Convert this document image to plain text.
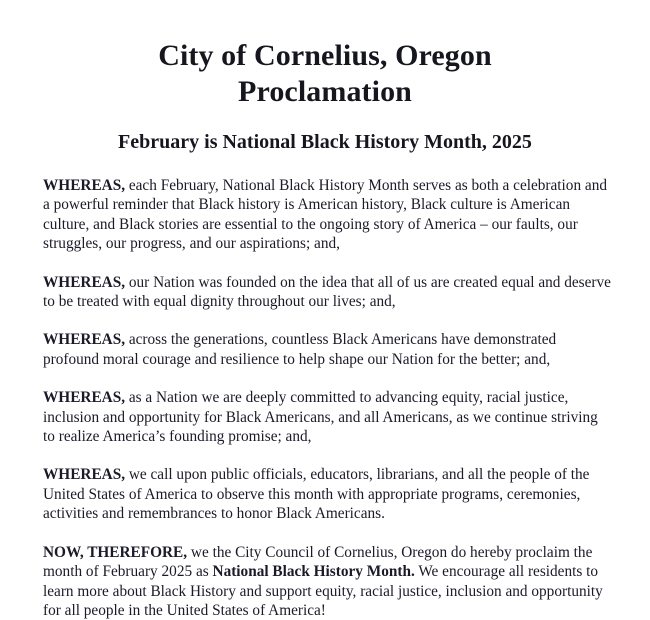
City of Cornelius, Oregon
Proclamation
February is National Black History Month, 2025

WHEREAS, each February, National Black History Month serves as both a celebration and a powerful reminder that Black history is American history, Black culture is American culture, and Black stories are essential to the ongoing story of America – our faults, our struggles, our progress, and our aspirations; and,

WHEREAS, our Nation was founded on the idea that all of us are created equal and deserve to be treated with equal dignity throughout our lives; and,

WHEREAS, across the generations, countless Black Americans have demonstrated profound moral courage and resilience to help shape our Nation for the better; and,

WHEREAS, as a Nation we are deeply committed to advancing equity, racial justice, inclusion and opportunity for Black Americans, and all Americans, as we continue striving to realize America’s founding promise; and,

WHEREAS, we call upon public officials, educators, librarians, and all the people of the United States of America to observe this month with appropriate programs, ceremonies, activities and remembrances to honor Black Americans.

NOW, THEREFORE, we the City Council of Cornelius, Oregon do hereby proclaim the month of February 2025 as National Black History Month. We encourage all residents to learn more about Black History and support equity, racial justice, inclusion and opportunity for all people in the United States of America!
